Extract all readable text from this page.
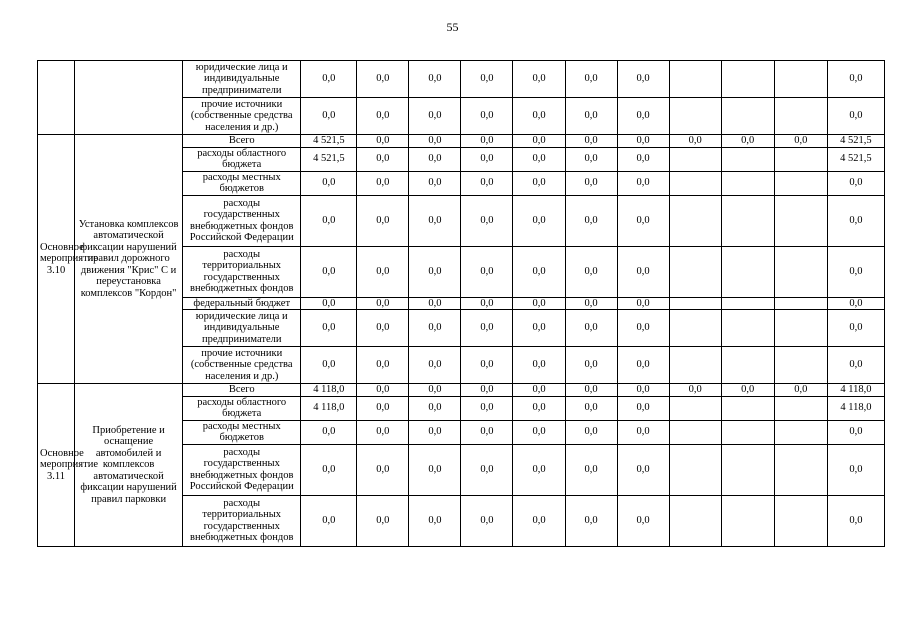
55
		юридические лица и индивидуальные предприниматели	0,0	0,0	0,0	0,0	0,0	0,0	0,0				0,0
		прочие источники (собственные средства населения и др.)	0,0	0,0	0,0	0,0	0,0	0,0	0,0				0,0
Основное мероприятие 3.10	Установка комплексов автоматической фиксации нарушений правил дорожного движения "Крис" С и переустановка комплексов "Кордон"	Всего	4 521,5	0,0	0,0	0,0	0,0	0,0	0,0	0,0	0,0	0,0	4 521,5
		расходы областного бюджета	4 521,5	0,0	0,0	0,0	0,0	0,0	0,0				4 521,5
		расходы местных бюджетов	0,0	0,0	0,0	0,0	0,0	0,0	0,0				0,0
		расходы государственных внебюджетных фондов Российской Федерации	0,0	0,0	0,0	0,0	0,0	0,0	0,0				0,0
		расходы территориальных государственных внебюджетных фондов	0,0	0,0	0,0	0,0	0,0	0,0	0,0				0,0
		федеральный бюджет	0,0	0,0	0,0	0,0	0,0	0,0	0,0				0,0
		юридические лица и индивидуальные предприниматели	0,0	0,0	0,0	0,0	0,0	0,0	0,0				0,0
		прочие источники (собственные средства населения и др.)	0,0	0,0	0,0	0,0	0,0	0,0	0,0				0,0
Основное мероприятие 3.11	Приобретение и оснащение автомобилей и комплексов автоматической фиксации нарушений правил парковки	Всего	4 118,0	0,0	0,0	0,0	0,0	0,0	0,0	0,0	0,0	0,0	4 118,0
		расходы областного бюджета	4 118,0	0,0	0,0	0,0	0,0	0,0	0,0				4 118,0
		расходы местных бюджетов	0,0	0,0	0,0	0,0	0,0	0,0	0,0				0,0
		расходы государственных внебюджетных фондов Российской Федерации	0,0	0,0	0,0	0,0	0,0	0,0	0,0				0,0
		расходы территориальных государственных внебюджетных фондов	0,0	0,0	0,0	0,0	0,0	0,0	0,0				0,0
